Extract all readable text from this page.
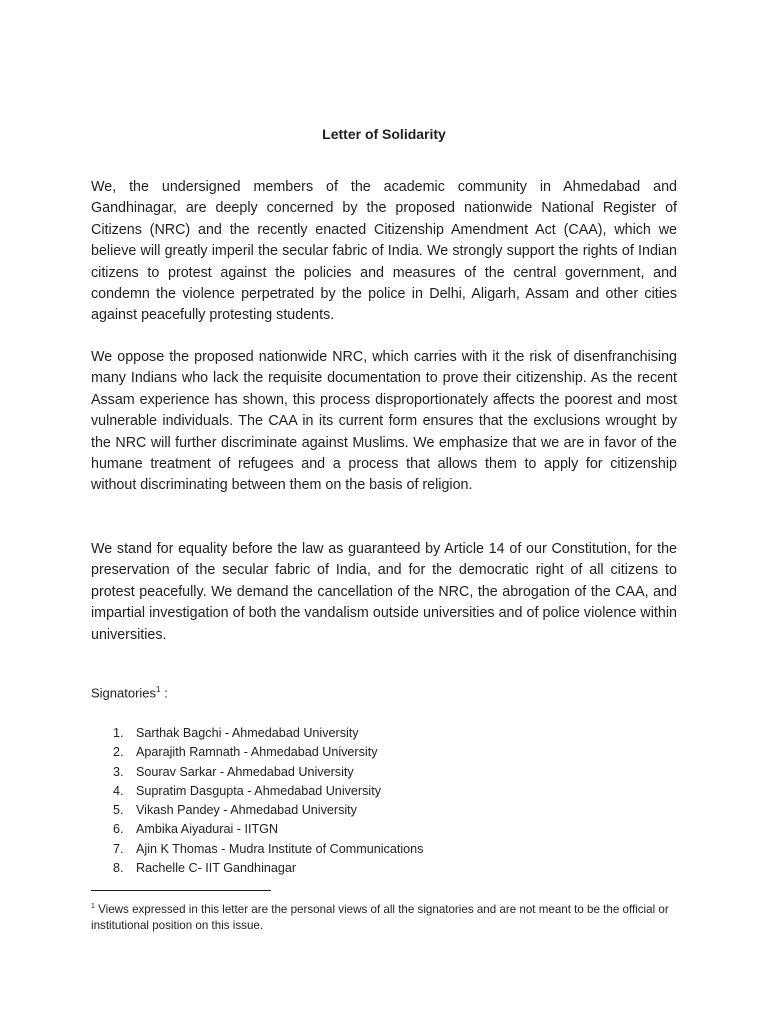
Letter of Solidarity

We, the undersigned members of the academic community in Ahmedabad and Gandhinagar, are deeply concerned by the proposed nationwide National Register of Citizens (NRC) and the recently enacted Citizenship Amendment Act (CAA), which we believe will greatly imperil the secular fabric of India. We strongly support the rights of Indian citizens to protest against the policies and measures of the central government, and condemn the violence perpetrated by the police in Delhi, Aligarh, Assam and other cities against peacefully protesting students.

We oppose the proposed nationwide NRC, which carries with it the risk of disenfranchising many Indians who lack the requisite documentation to prove their citizenship. As the recent Assam experience has shown, this process disproportionately affects the poorest and most vulnerable individuals. The CAA in its current form ensures that the exclusions wrought by the NRC will further discriminate against Muslims. We emphasize that we are in favor of the humane treatment of refugees and a process that allows them to apply for citizenship without discriminating between them on the basis of religion.

We stand for equality before the law as guaranteed by Article 14 of our Constitution, for the preservation of the secular fabric of India, and for the democratic right of all citizens to protest peacefully. We demand the cancellation of the NRC, the abrogation of the CAA, and impartial investigation of both the vandalism outside universities and of police violence within universities.

Signatories$^1$ :
1. Sarthak Bagchi - Ahmedabad University
2. Aparajith Ramnath - Ahmedabad University
3. Sourav Sarkar - Ahmedabad University
4. Supratim Dasgupta - Ahmedabad University
5. Vikash Pandey - Ahmedabad University
6. Ambika Aiyadurai - IITGN
7. Ajin K Thomas - Mudra Institute of Communications
8. Rachelle C- IIT Gandhinagar
$^1$ Views expressed in this letter are the personal views of all the signatories and are not meant to be the official or institutional position on this issue.
